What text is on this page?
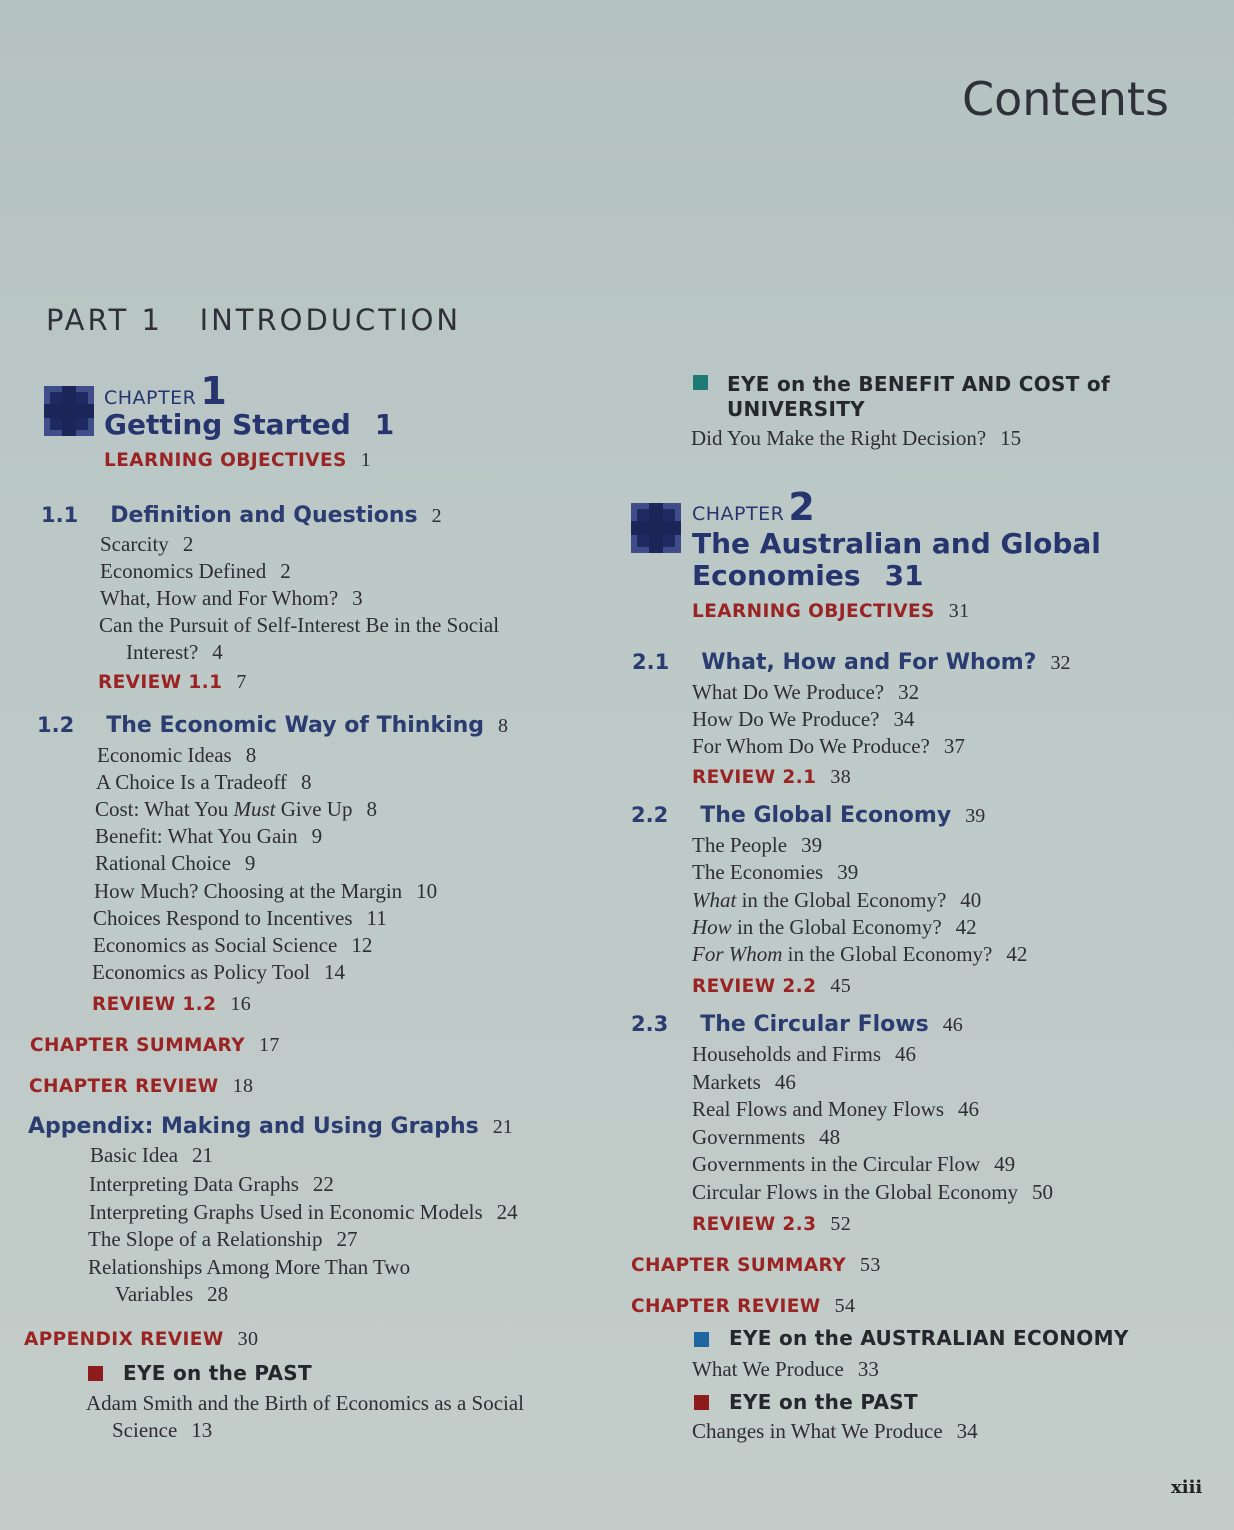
Contents
PART 1 INTRODUCTION
CHAPTER 1
Getting Started 1
LEARNING OBJECTIVES 1
1.1 Definition and Questions 2
Scarcity 2
Economics Defined 2
What, How and For Whom? 3
Can the Pursuit of Self-Interest Be in the Social
Interest? 4
REVIEW 1.1 7
1.2 The Economic Way of Thinking 8
Economic Ideas 8
A Choice Is a Tradeoff 8
Cost: What You Must Give Up 8
Benefit: What You Gain 9
Rational Choice 9
How Much? Choosing at the Margin 10
Choices Respond to Incentives 11
Economics as Social Science 12
Economics as Policy Tool 14
REVIEW 1.2 16
CHAPTER SUMMARY 17
CHAPTER REVIEW 18
Appendix: Making and Using Graphs 21
Basic Idea 21
Interpreting Data Graphs 22
Interpreting Graphs Used in Economic Models 24
The Slope of a Relationship 27
Relationships Among More Than Two
Variables 28
APPENDIX REVIEW 30
EYE on the PAST
Adam Smith and the Birth of Economics as a Social
Science 13
EYE on the BENEFIT AND COST of
UNIVERSITY
Did You Make the Right Decision? 15
CHAPTER 2
The Australian and Global
Economies 31
LEARNING OBJECTIVES 31
2.1 What, How and For Whom? 32
What Do We Produce? 32
How Do We Produce? 34
For Whom Do We Produce? 37
REVIEW 2.1 38
2.2 The Global Economy 39
The People 39
The Economies 39
What in the Global Economy? 40
How in the Global Economy? 42
For Whom in the Global Economy? 42
REVIEW 2.2 45
2.3 The Circular Flows 46
Households and Firms 46
Markets 46
Real Flows and Money Flows 46
Governments 48
Governments in the Circular Flow 49
Circular Flows in the Global Economy 50
REVIEW 2.3 52
CHAPTER SUMMARY 53
CHAPTER REVIEW 54
EYE on the AUSTRALIAN ECONOMY
What We Produce 33
EYE on the PAST
Changes in What We Produce 34
xiii
